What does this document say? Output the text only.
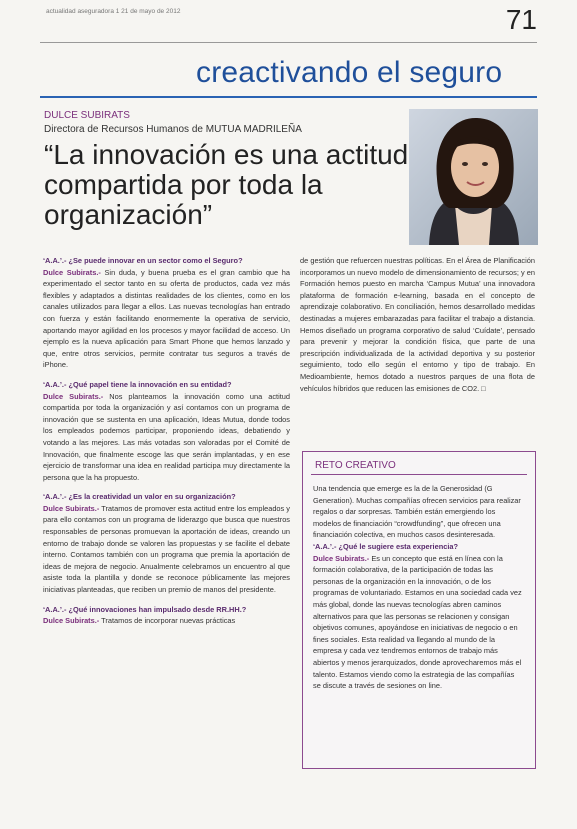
actualidad aseguradora 1 21 de mayo de 2012	71
creactivando el seguro
DULCE SUBIRATS
Directora de Recursos Humanos de MUTUA MADRILEÑA
“La innovación es una actitud compartida por toda la organización”
‘A.A.’.- ¿Se puede innovar en un sector como el Seguro?
Dulce Subirats.- Sin duda, y buena prueba es el gran cambio que ha experimentado el sector tanto en su oferta de productos, cada vez más flexibles y adaptados a distintas realidades de los clientes, como en los canales utilizados para llegar a ellos. Las nuevas tecnologías han entrado con fuerza y están facilitando enormemente la operativa de servicio, aportando mayor agilidad en los procesos y mayor facilidad de acceso. Un ejemplo es la nueva aplicación para Smart Phone que hemos lanzado y que, entre otros servicios, permite contratar tus seguros a través de iPhone.
‘A.A.’.- ¿Qué papel tiene la innovación en su entidad?
Dulce Subirats.- Nos planteamos la innovación como una actitud compartida por toda la organización y así contamos con un programa de innovación que se sustenta en una aplicación, Ideas Mutua, donde todos los empleados podemos participar, proponiendo ideas, debatiendo y votando a las mejores. Las más votadas son valoradas por el Comité de Innovación, que finalmente escoge las que serán implantadas, y en ese ejercicio de transformar una idea en realidad participa muy directamente la persona que la ha propuesto.
‘A.A.’.- ¿Es la creatividad un valor en su organización?
Dulce Subirats.- Tratamos de promover esta actitud entre los empleados y para ello contamos con un programa de liderazgo que busca que nuestros responsables de personas promuevan la aportación de ideas, creando un entorno de trabajo donde se valoren las propuestas y se facilite el debate interno. Contamos también con un programa que premia la aportación de ideas de mejora de negocio. Anualmente celebramos un encuentro al que asiste toda la plantilla y donde se reconoce públicamente las mejores iniciativas planteadas, que reciben un premio de manos del presidente.
‘A.A.’.- ¿Qué innovaciones han impulsado desde RR.HH.?
Dulce Subirats.- Tratamos de incorporar nuevas prácticas
de gestión que refuercen nuestras políticas. En el Área de Planificación incorporamos un nuevo modelo de dimensionamiento de recursos; y en Formación hemos puesto en marcha ‘Campus Mutua’ una innovadora plataforma de formación e-learning, basada en el concepto de aprendizaje colaborativo. En conciliación, hemos desarrollado medidas destinadas a mujeres embarazadas para facilitar el trabajo a distancia. Hemos diseñado un programa corporativo de salud ‘Cuídate’, pensado para prevenir y mejorar la condición física, que parte de una prescripción individualizada de la actividad deportiva y su posterior seguimiento, todo ello según el entorno y tipo de trabajo. En Medioambiente, hemos dotado a nuestros parques de una flota de vehículos híbridos que reducen las emisiones de CO2. □
RETO CREATIVO
Una tendencia que emerge es la de la Generosidad (G Generation). Muchas compañías ofrecen servicios para realizar regalos o dar sorpresas. También están emergiendo los modelos de financiación “crowdfunding”, que ofrecen una financiación colectiva, en muchos casos desinteresada.
‘A.A.’.- ¿Qué le sugiere esta experiencia?
Dulce Subirats.- Es un concepto que está en línea con la formación colaborativa, de la participación de todas las personas de la organización en la innovación, o de los programas de voluntariado. Estamos en una sociedad cada vez más global, donde las nuevas tecnologías abren caminos alternativos para que las personas se relacionen y consigan objetivos comunes, apoyándose en iniciativas de negocio o en fines sociales. Esta realidad va llegando al mundo de la empresa y cada vez tendremos entornos de trabajo más abiertos y menos jerarquizados, donde aprovecharemos más el talento. Estamos viendo como la estrategia de las compañías se discute a través de sesiones on line.
